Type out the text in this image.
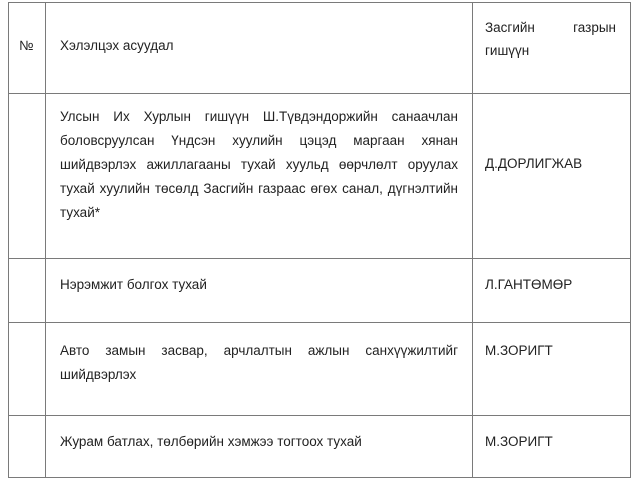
№	Хэлэлцэх асуудал	Засгийн газрын гишүүн

	Улсын Их Хурлын гишүүн Ш.Түвдэндоржийн санаачлан боловсруулсан Үндсэн хуулийн цэцэд маргаан хянан шийдвэрлэх ажиллагааны тухай хуульд өөрчлөлт оруулах тухай хуулийн төсөлд Засгийн газраас өгөх санал, дүгнэлтийн тухай*	Д.ДОРЛИГЖАВ

	Нэрэмжит болгох тухай	Л.ГАНТӨМӨР

	Авто замын засвар, арчлалтын ажлын санхүүжилтийг шийдвэрлэх	М.ЗОРИГТ

	Журам батлах, төлбөрийн хэмжээ тогтоох тухай	М.ЗОРИГТ
